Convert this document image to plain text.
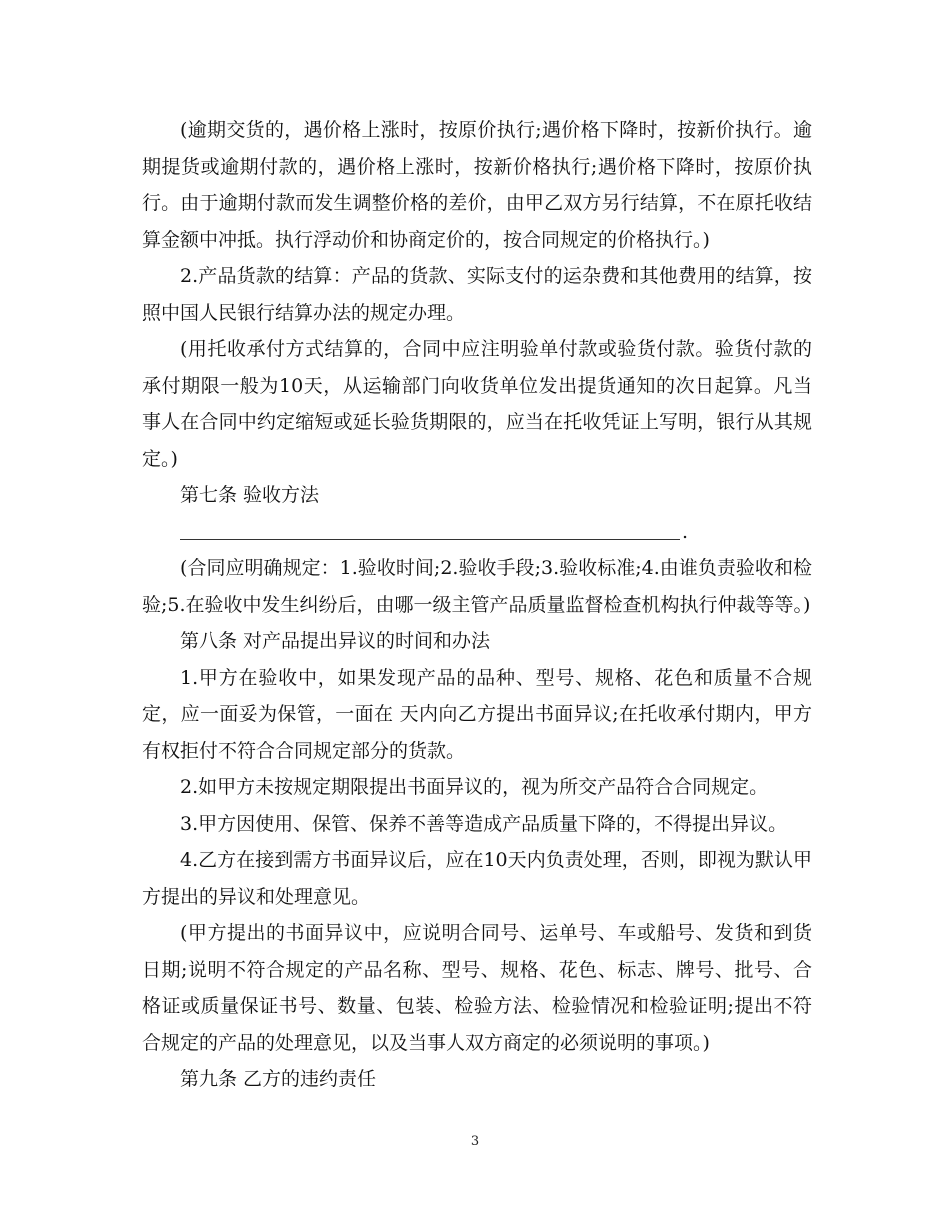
(逾期交货的，遇价格上涨时，按原价执行;遇价格下降时，按新价执行。逾期提货或逾期付款的，遇价格上涨时，按新价格执行;遇价格下降时，按原价执行。由于逾期付款而发生调整价格的差价，由甲乙双方另行结算，不在原托收结算金额中冲抵。执行浮动价和协商定价的，按合同规定的价格执行。)

2.产品货款的结算：产品的货款、实际支付的运杂费和其他费用的结算，按照中国人民银行结算办法的规定办理。

(用托收承付方式结算的，合同中应注明验单付款或验货付款。验货付款的承付期限一般为10天，从运输部门向收货单位发出提货通知的次日起算。凡当事人在合同中约定缩短或延长验货期限的，应当在托收凭证上写明，银行从其规定。)

第七条 验收方法

.

(合同应明确规定：1.验收时间;2.验收手段;3.验收标准;4.由谁负责验收和检验;5.在验收中发生纠纷后，由哪一级主管产品质量监督检查机构执行仲裁等等。)

第八条 对产品提出异议的时间和办法

1.甲方在验收中，如果发现产品的品种、型号、规格、花色和质量不合规定，应一面妥为保管，一面在 天内向乙方提出书面异议;在托收承付期内，甲方有权拒付不符合合同规定部分的货款。

2.如甲方未按规定期限提出书面异议的，视为所交产品符合合同规定。

3.甲方因使用、保管、保养不善等造成产品质量下降的，不得提出异议。

4.乙方在接到需方书面异议后，应在10天内负责处理，否则，即视为默认甲方提出的异议和处理意见。

(甲方提出的书面异议中，应说明合同号、运单号、车或船号、发货和到货日期;说明不符合规定的产品名称、型号、规格、花色、标志、牌号、批号、合格证或质量保证书号、数量、包装、检验方法、检验情况和检验证明;提出不符合规定的产品的处理意见，以及当事人双方商定的必须说明的事项。)

第九条 乙方的违约责任

3
